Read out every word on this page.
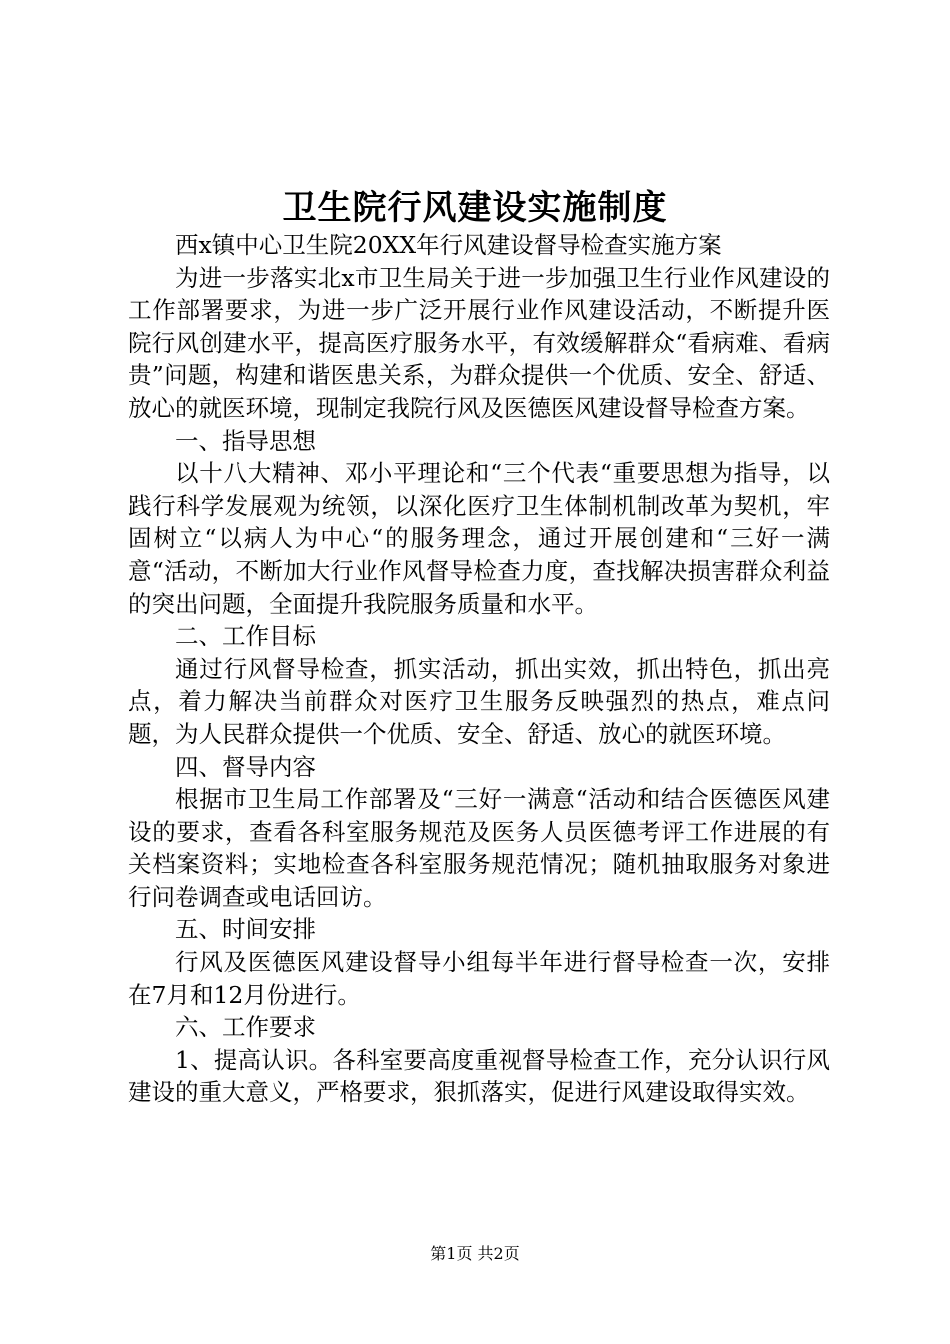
卫生院行风建设实施制度

西x镇中心卫生院20XX年行风建设督导检查实施方案

为进一步落实北x市卫生局关于进一步加强卫生行业作风建设的工作部署要求，为进一步广泛开展行业作风建设活动，不断提升医院行风创建水平，提高医疗服务水平，有效缓解群众“看病难、看病贵”问题，构建和谐医患关系，为群众提供一个优质、安全、舒适、放心的就医环境，现制定我院行风及医德医风建设督导检查方案。

一、指导思想

以十八大精神、邓小平理论和“三个代表“重要思想为指导，以践行科学发展观为统领，以深化医疗卫生体制机制改革为契机，牢固树立“以病人为中心“的服务理念，通过开展创建和“三好一满意“活动，不断加大行业作风督导检查力度，查找解决损害群众利益的突出问题，全面提升我院服务质量和水平。

二、工作目标

通过行风督导检查，抓实活动，抓出实效，抓出特色，抓出亮点，着力解决当前群众对医疗卫生服务反映强烈的热点，难点问题，为人民群众提供一个优质、安全、舒适、放心的就医环境。

四、督导内容

根据市卫生局工作部署及“三好一满意“活动和结合医德医风建设的要求，查看各科室服务规范及医务人员医德考评工作进展的有关档案资料；实地检查各科室服务规范情况；随机抽取服务对象进行问卷调查或电话回访。

五、时间安排

行风及医德医风建设督导小组每半年进行督导检查一次，安排在7月和12月份进行。

六、工作要求

1、提高认识。各科室要高度重视督导检查工作，充分认识行风建设的重大意义，严格要求，狠抓落实，促进行风建设取得实效。

第1页 共2页
